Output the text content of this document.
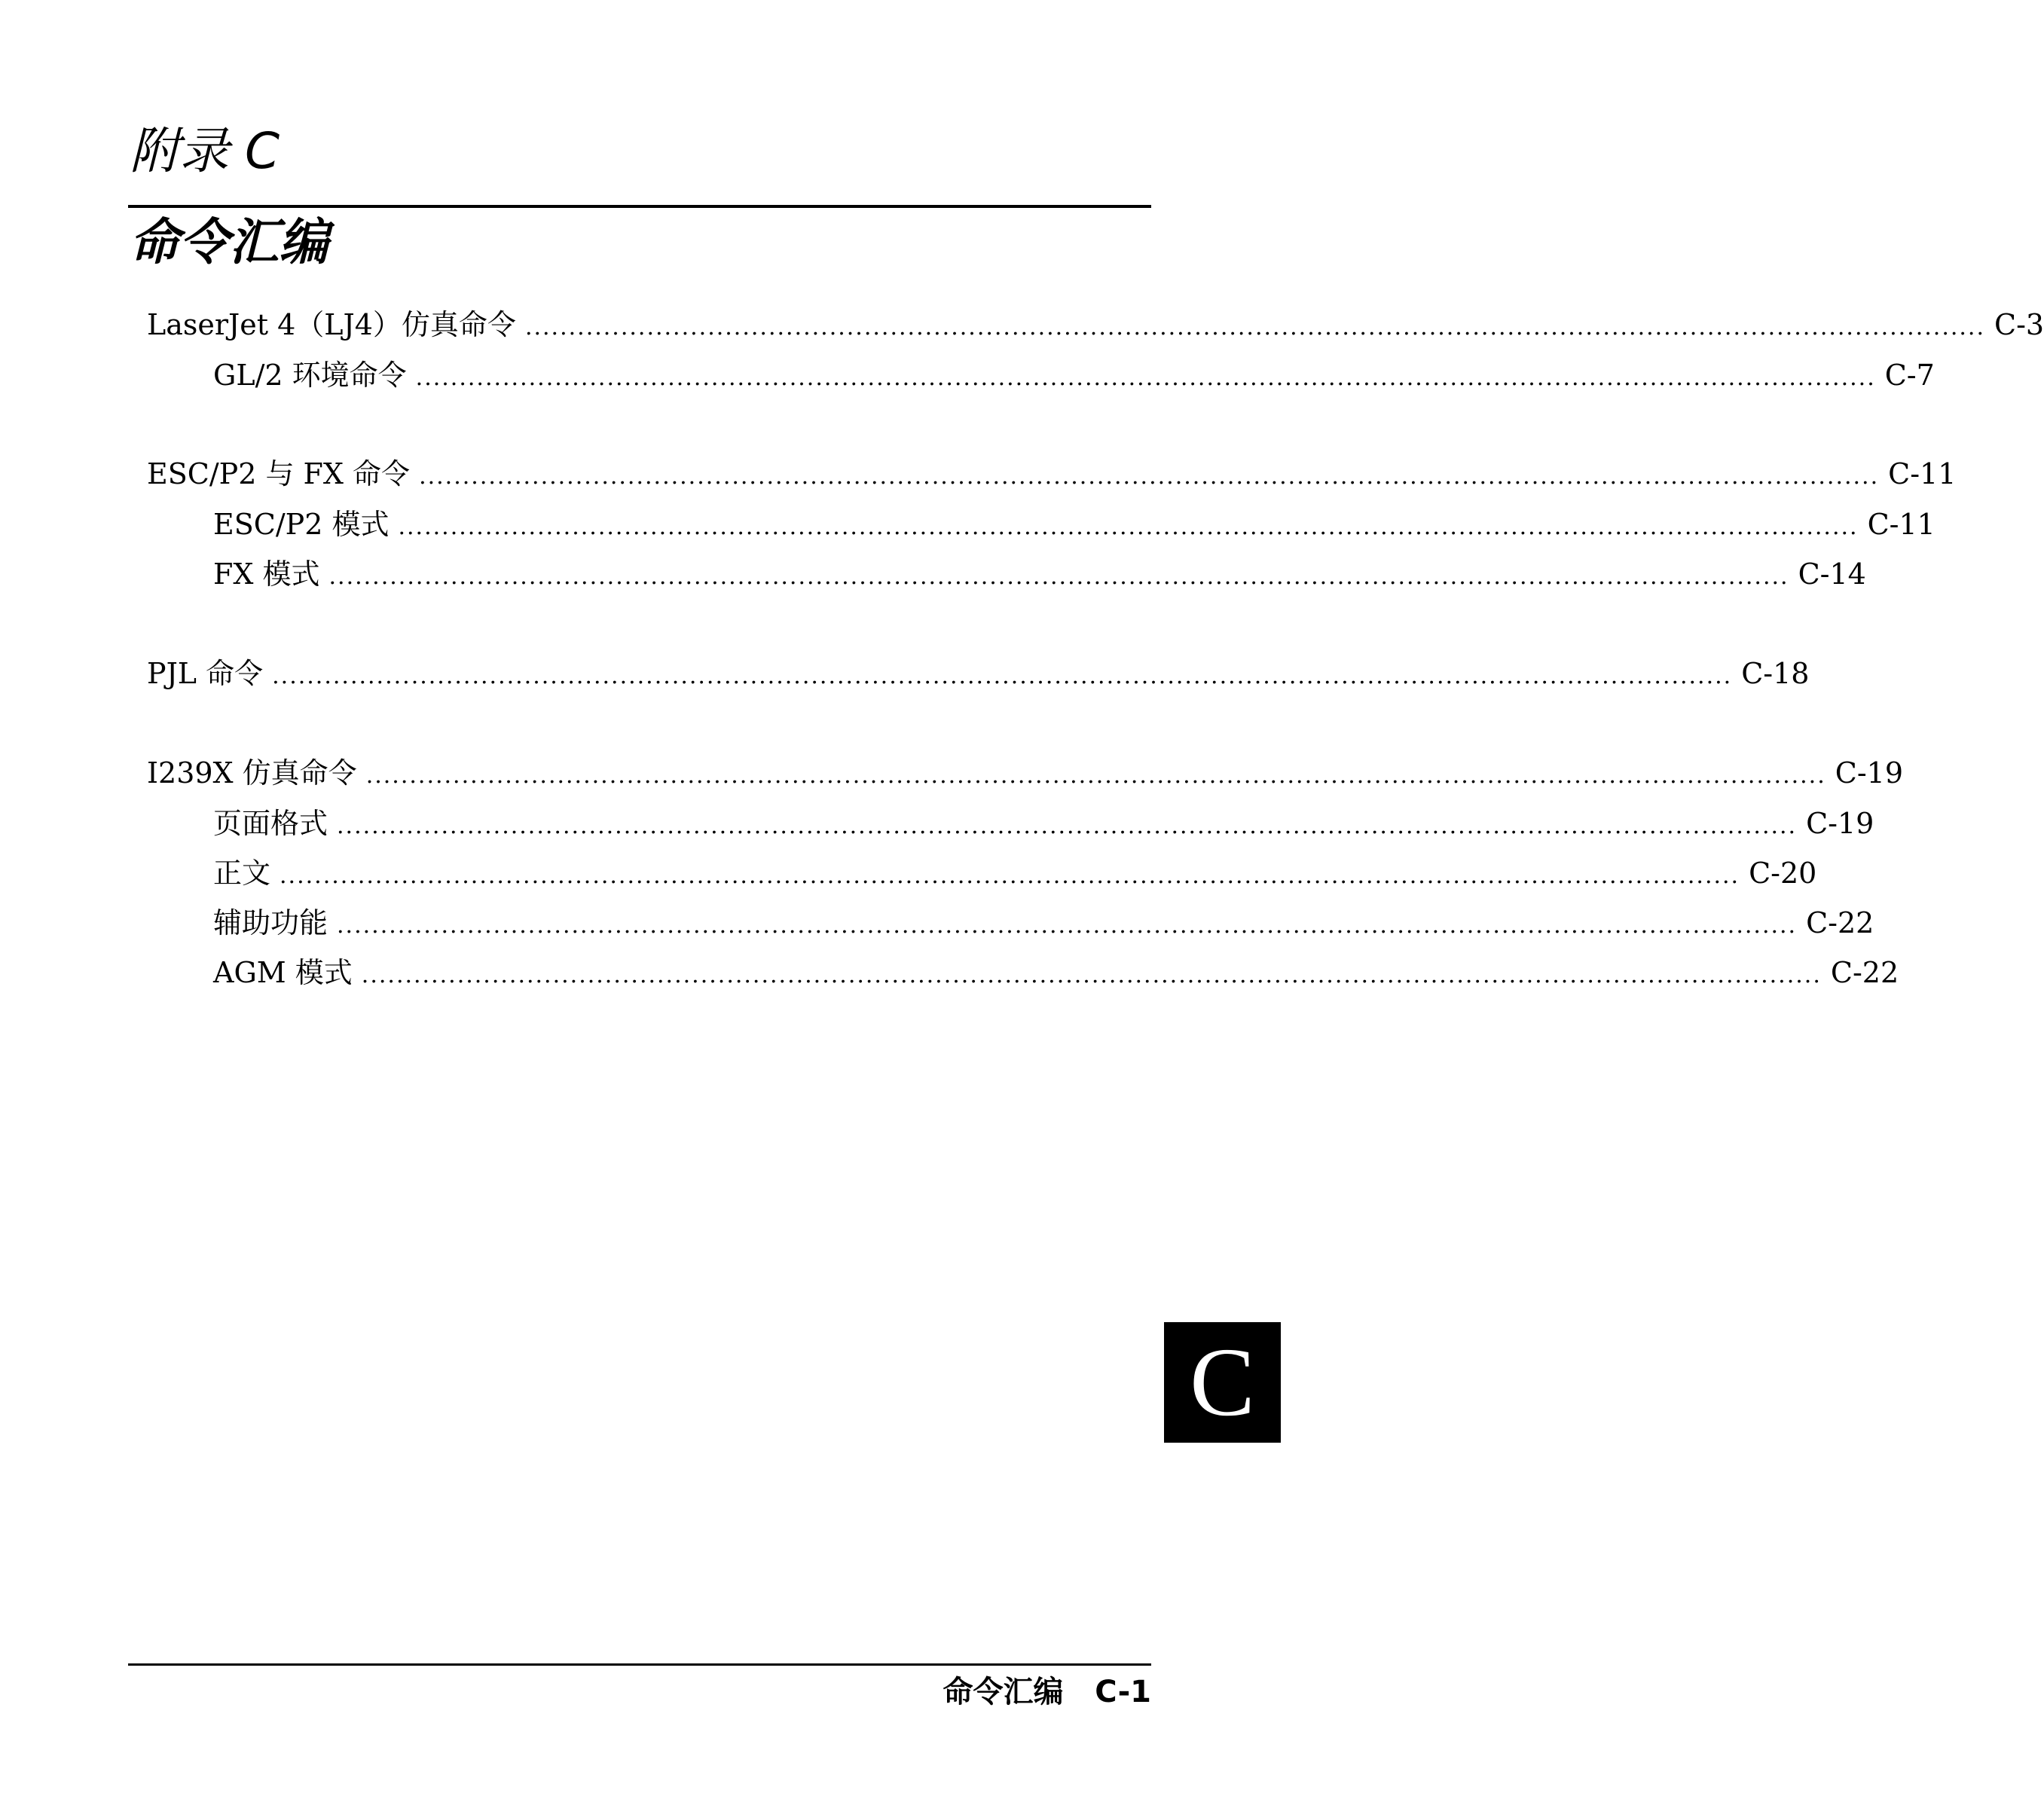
附录 C
命令汇编
LaserJet 4（LJ4）仿真命令 ........................................................................................................................................................................ C-3
GL/2 环境命令 ........................................................................................................................................................................ C-7
ESC/P2 与 FX 命令 ........................................................................................................................................................................ C-11
ESC/P2 模式 ........................................................................................................................................................................ C-11
FX 模式 ........................................................................................................................................................................ C-14
PJL 命令 ........................................................................................................................................................................ C-18
I239X 仿真命令 ........................................................................................................................................................................ C-19
页面格式 ........................................................................................................................................................................ C-19
正文 ........................................................................................................................................................................ C-20
辅助功能 ........................................................................................................................................................................ C-22
AGM 模式 ........................................................................................................................................................................ C-22
C
命令汇编   C-1
